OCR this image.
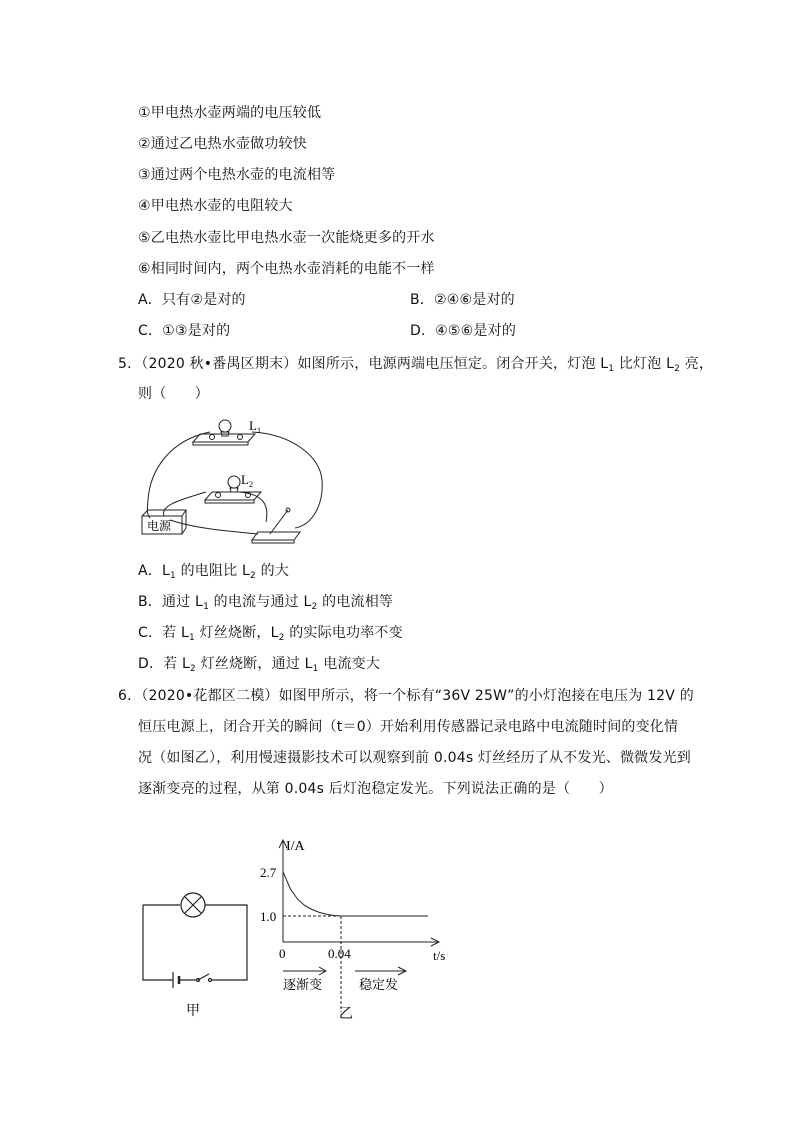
①甲电热水壶两端的电压较低
②通过乙电热水壶做功较快
③通过两个电热水壶的电流相等
④甲电热水壶的电阻较大
⑤乙电热水壶比甲电热水壶一次能烧更多的开水
⑥相同时间内，两个电热水壶消耗的电能不一样
A．只有②是对的	B．②④⑥是对的
C．①③是对的	D．④⑤⑥是对的
5．（2020 秋•番禺区期末）如图所示，电源两端电压恒定。闭合开关，灯泡 $L_1$ 比灯泡 $L_2$ 亮，
则（　　）
$L_1$
$L_2$
电源
A．$L_1$ 的电阻比 $L_2$ 的大
B．通过 $L_1$ 的电流与通过 $L_2$ 的电流相等
C．若 $L_1$ 灯丝烧断，$L_2$ 的实际电功率不变
D．若 $L_2$ 灯丝烧断，通过 $L_1$ 电流变大
6．（2020•花都区二模）如图甲所示，将一个标有“36V 25W”的小灯泡接在电压为 12V 的
恒压电源上，闭合开关的瞬间（t＝0）开始利用传感器记录电路中电流随时间的变化情
况（如图乙），利用慢速摄影技术可以观察到前 0.04s 灯丝经历了从不发光、微微发光到
逐渐变亮的过程，从第 0.04s 后灯泡稳定发光。下列说法正确的是（　　）
甲
I/A
t/s
2.7
1.0
0	0.04
逐渐变	稳定发
乙
